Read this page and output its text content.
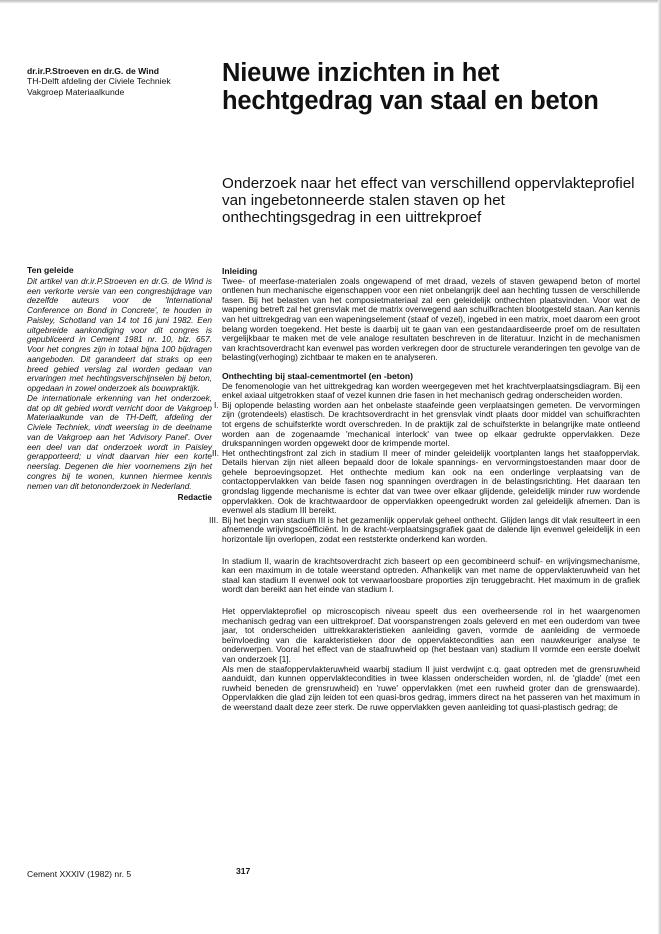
dr.ir.P.Stroeven en dr.G. de Wind
TH-Delft afdeling der Civiele Techniek
Vakgroep Materiaalkunde
Nieuwe inzichten in het hechtgedrag van staal en beton
Onderzoek naar het effect van verschillend oppervlakteprofiel van ingebetonneerde stalen staven op het onthechtingsgedrag in een uittrekproef
Ten geleide

Dit artikel van dr.ir.P.Stroeven en dr.G. de Wind is een verkorte versie van een congresbijdrage van dezelfde auteurs voor de 'International Conference on Bond in Concrete', te houden in Paisley, Schotland van 14 tot 16 juni 1982. Een uitgebreide aankondiging voor dit congres is gepubliceerd in Cement 1981 nr. 10, blz. 657. Voor het congres zijn in totaal bijna 100 bijdragen aangeboden. Dit garandeert dat straks op een breed gebied verslag zal worden gedaan van ervaringen met hechtingsverschijnselen bij beton, opgedaan in zowel onderzoek als bouwpraktijk.

De internationale erkenning van het onderzoek, dat op dit gebied wordt verricht door de Vakgroep Materiaalkunde van de TH-Delft, afdeling der Civiele Techniek, vindt weerslag in de deelname van de Vakgroep aan het 'Advisory Panel'. Over een deel van dat onderzoek wordt in Paisley gerapporteerd; u vindt daarvan hier een korte neerslag. Degenen die hier voornemens zijn het congres bij te wonen, kunnen hiermee kennis nemen van dit betononderzoek in Nederland.

Redactie
Inleiding

Twee- of meerfase-materialen zoals ongewapend of met draad, vezels of staven gewapend beton of mortel ontlenen hun mechanische eigenschappen voor een niet onbelangrijk deel aan hechting tussen de verschillende fasen. Bij het belasten van het composietmateriaal zal een geleidelijk onthechten plaatsvinden. Voor wat de wapening betreft zal het grensvlak met de matrix overwegend aan schuifkrachten blootgesteld staan. Aan kennis van het uittrekgedrag van een wapeningselement (staaf of vezel), ingebed in een matrix, moet daarom een groot belang worden toegekend. Het beste is daarbij uit te gaan van een gestandaardiseerde proef om de resultaten vergelijkbaar te maken met de vele analoge resultaten beschreven in de literatuur. Inzicht in de mechanismen van krachtsoverdracht kan evenwel pas worden verkregen door de structurele veranderingen ten gevolge van de belasting(verhoging) zichtbaar te maken en te analyseren.

Onthechting bij staal-cementmortel (en -beton)

De fenomenologie van het uittrekgedrag kan worden weergegeven met het krachtverplaatsingsdiagram. Bij een enkel axiaal uitgetrokken staaf of vezel kunnen drie fasen in het mechanisch gedrag onderscheiden worden.

I. Bij oplopende belasting worden aan het onbelaste staafeinde geen verplaatsingen gemeten. De vervormingen zijn (grotendeels) elastisch. De krachtsoverdracht in het grensvlak vindt plaats door middel van schuifkrachten tot ergens de schuifsterkte wordt overschreden. In de praktijk zal de schuifsterkte in belangrijke mate ontleend worden aan de zogenaamde 'mechanical interlock' van twee op elkaar gedrukte oppervlakken. Deze drukspanningen worden opgewekt door de krimpende mortel.

II. Het onthechtingsfront zal zich in stadium II meer of minder geleidelijk voortplanten langs het staafoppervlak. Details hiervan zijn niet alleen bepaald door de lokale spannings- en vervormingstoestanden maar door de gehele beproevingsopzet. Het onthechte medium kan ook na een onderlinge verplaatsing van de contactoppervlakken van beide fasen nog spanningen overdragen in de belastingsrichting. Het daaraan ten grondslag liggende mechanisme is echter dat van twee over elkaar glijdende, geleidelijk minder ruw wordende oppervlakken. Ook de krachtwaardoor de oppervlakken opeengedrukt worden zal geleidelijk afnemen. Dan is evenwel als stadium III bereikt.

III. Bij het begin van stadium III is het gezamenlijk oppervlak geheel onthecht. Glijden langs dit vlak resulteert in een afnemende wrijvingscoëfficiënt. In de kracht-verplaatsingsgrafiek gaat de dalende lijn evenwel geleidelijk in een horizontale lijn overlopen, zodat een reststerkte onderkend kan worden.

In stadium II, waarin de krachtsoverdracht zich baseert op een gecombineerd schuif- en wrijvingsmechanisme, kan een maximum in de totale weerstand optreden. Afhankelijk van met name de oppervlakteruwheid van het staal kan stadium II evenwel ook tot verwaarloosbare proporties zijn teruggebracht. Het maximum in de grafiek wordt dan bereikt aan het einde van stadium I.

Het oppervlakteprofiel op microscopisch niveau speelt dus een overheersende rol in het waargenomen mechanisch gedrag van een uittrekproef. Dat voorspanstrengen zoals geleverd en met een ouderdom van twee jaar, tot onderscheiden uittrekkarakteristieken aanleiding gaven, vormde de aanleiding de vermoede beïnvloeding van die karakteristieken door de oppervlaktecondities aan een nauwkeuriger analyse te onderwerpen. Vooral het effect van de staafruwheid op (het bestaan van) stadium II vormde een eerste doelwit van onderzoek [1].

Als men de staafoppervlakteruwheid waarbij stadium II juist verdwijnt c.q. gaat optreden met de grensruwheid aanduidt, dan kunnen oppervlaktecondities in twee klassen onderscheiden worden, nl. de 'gladde' (met een ruwheid beneden de grensruwheid) en 'ruwe' oppervlakken (met een ruwheid groter dan de grenswaarde). Oppervlakken die glad zijn leiden tot een quasi-bros gedrag, immers direct na het passeren van het maximum in de weerstand daalt deze zeer sterk. De ruwe oppervlakken geven aanleiding tot quasi-plastisch gedrag; de

Cement XXXIV (1982) nr. 5	317
